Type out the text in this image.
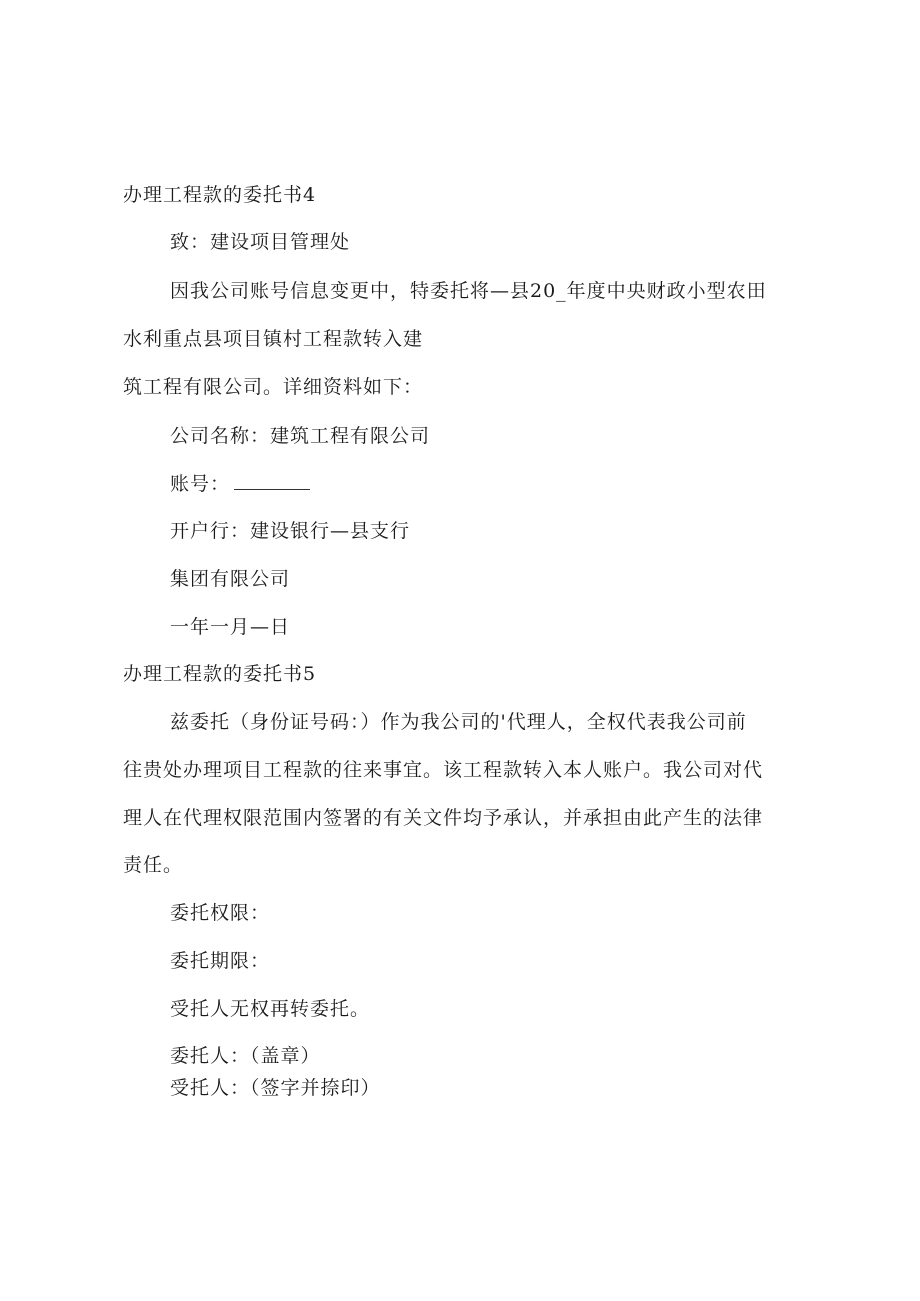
办理工程款的委托书4
致：建设项目管理处
因我公司账号信息变更中，特委托将—县20_年度中央财政小型农田
水利重点县项目镇村工程款转入建
筑工程有限公司。详细资料如下：
公司名称：建筑工程有限公司
账号：
开户行：建设银行—县支行
集团有限公司
一年一月—日
办理工程款的委托书5
兹委托（身份证号码：）作为我公司的'代理人，全权代表我公司前
往贵处办理项目工程款的往来事宜。该工程款转入本人账户。我公司对代
理人在代理权限范围内签署的有关文件均予承认，并承担由此产生的法律
责任。
委托权限：
委托期限：
受托人无权再转委托。
委托人：（盖章）
受托人：（签字并捺印）
